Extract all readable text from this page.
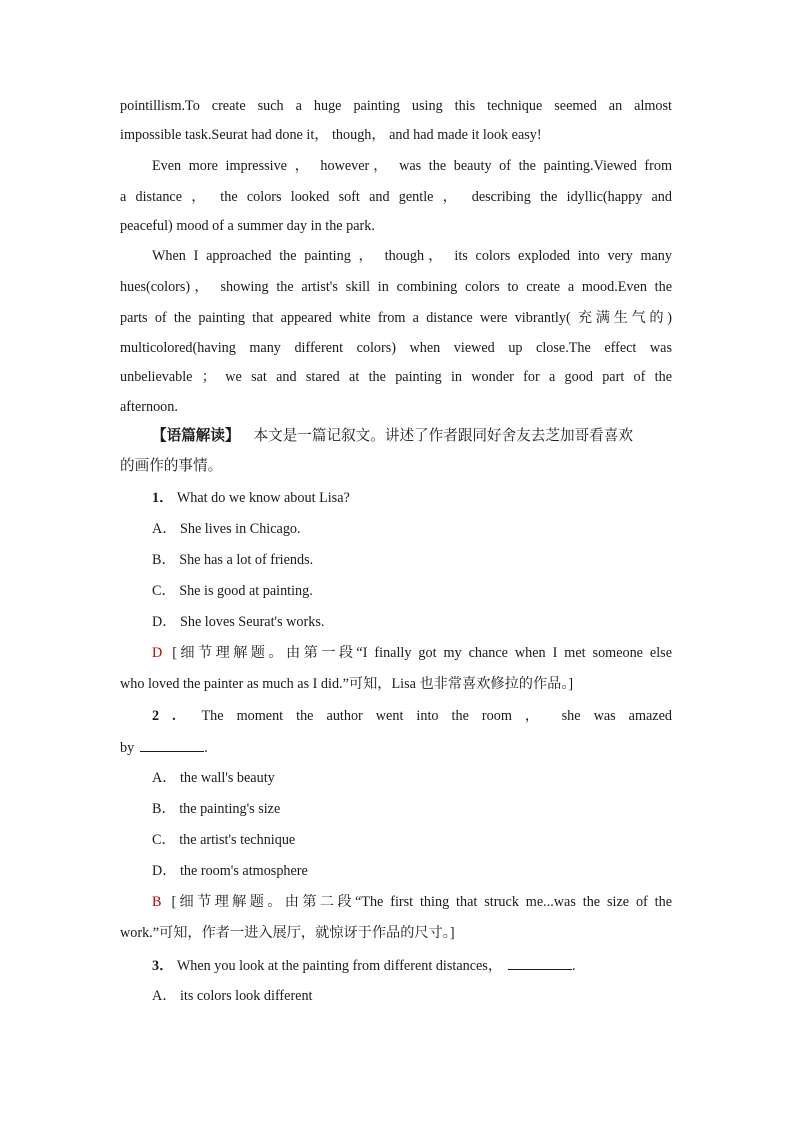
pointillism.To create such a huge painting using this technique seemed an almost
impossible task.Seurat had done it， though， and had made it look easy!
Even more impressive ， however， was the beauty of the painting.Viewed from
a distance ， the colors looked soft and gentle ， describing the idyllic(happy and
peaceful) mood of a summer day in the park.
When I approached the painting ， though， its colors exploded into very many
hues(colors)， showing the artist's skill in combining colors to create a mood.Even the
parts of the painting that appeared white from a distance were vibrantly( 充满生气的)
multicolored(having many different colors) when viewed up close.The effect was
unbelievable ； we sat and stared at the painting in wonder for a good part of the
afternoon.
【语篇解读】 本文是一篇记叙文。讲述了作者跟同好舍友去芝加哥看喜欢
的画作的事情。
1． What do we know about Lisa?
A． She lives in Chicago.
B． She has a lot of friends.
C． She is good at painting.
D． She loves Seurat's works.
D [细节理解题。由第一段“I finally got my chance when I met someone else
who loved the painter as much as I did.”可知，Lisa 也非常喜欢修拉的作品。]
2 . The moment the author went into the room ， she was amazed
by	.
A． the wall's beauty
B． the painting's size
C． the artist's technique
D． the room's atmosphere
B [细节理解题。由第二段“The first thing that struck me...was the size of the
work.”可知，作者一进入展厅，就惊讶于作品的尺寸。]
3． When you look at the painting from different distances，	.
A． its colors look different
